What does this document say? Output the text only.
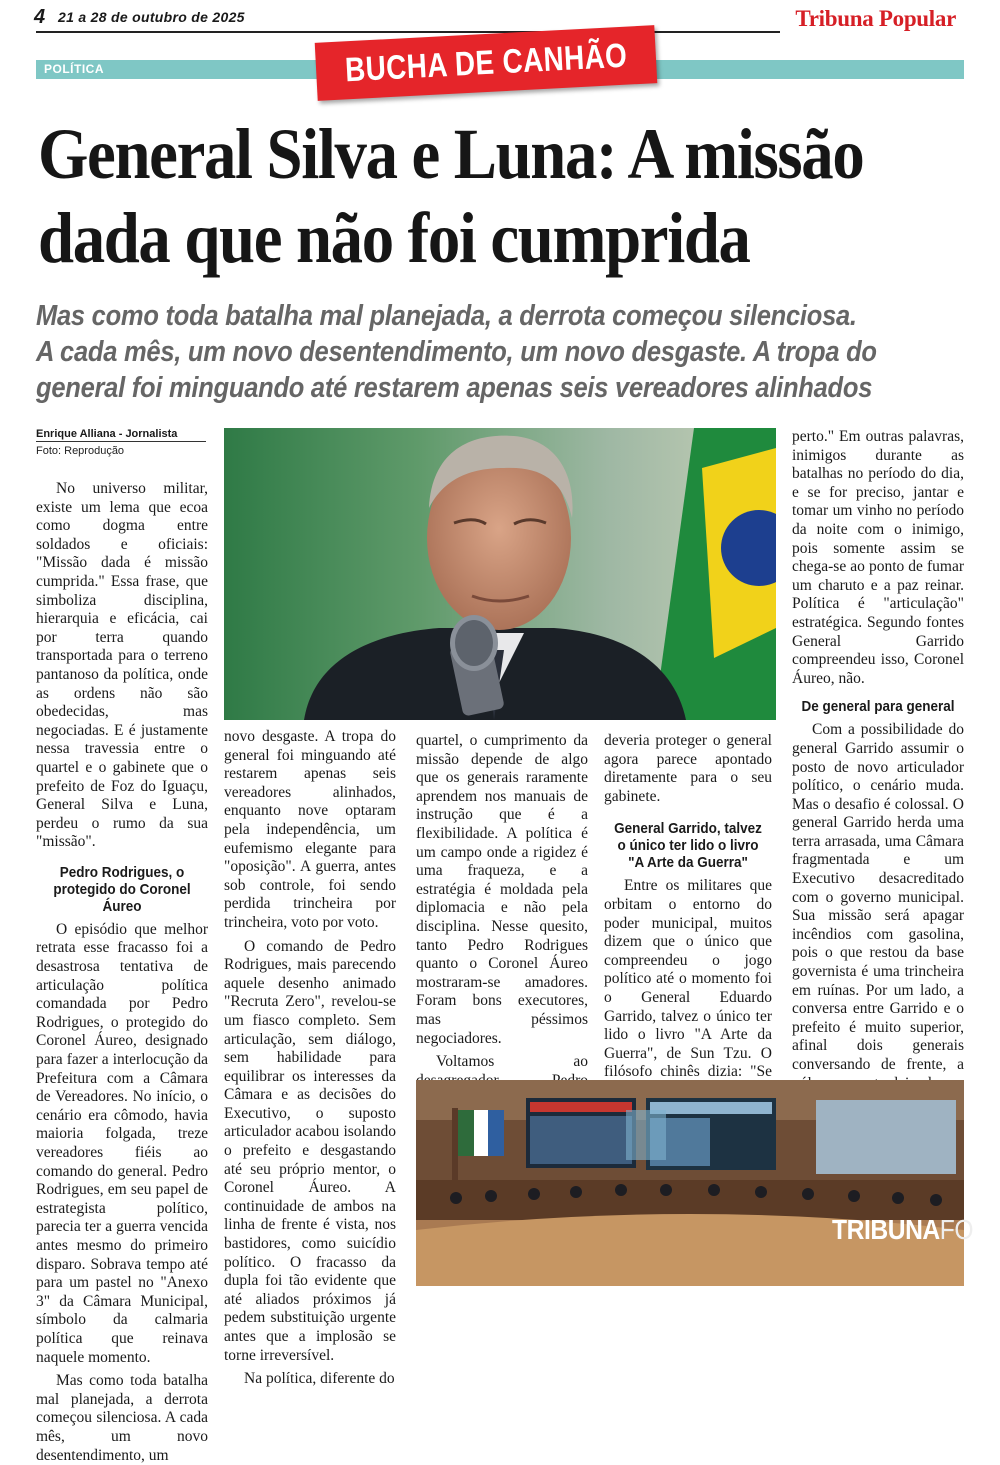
4 21 a 28 de outubro de 2025	Tribuna Popular
POLÍTICA	BUCHA DE CANHÃO
General Silva e Luna: A missão
dada que não foi cumprida
Mas como toda batalha mal planejada, a derrota começou silenciosa.
A cada mês, um novo desentendimento, um novo desgaste. A tropa do
general foi minguando até restarem apenas seis vereadores alinhados
Enrique Alliana - Jornalista
Foto: Reprodução

No universo militar, existe um lema que ecoa como dogma entre soldados e oficiais: "Missão dada é missão cumprida." Essa frase, que simboliza disciplina, hierarquia e eficácia, cai por terra quando transportada para o terreno pantanoso da política, onde as ordens não são obedecidas, mas negociadas. E é justamente nessa travessia entre o quartel e o gabinete que o prefeito de Foz do Iguaçu, General Silva e Luna, perdeu o rumo da sua "missão".

Pedro Rodrigues, o protegido do Coronel Áureo

O episódio que melhor retrata esse fracasso foi a desastrosa tentativa de articulação política comandada por Pedro Rodrigues, o protegido do Coronel Áureo, designado para fazer a interlocução da Prefeitura com a Câmara de Vereadores. No início, o cenário era cômodo, havia maioria folgada, treze vereadores fiéis ao comando do general. Pedro Rodrigues, em seu papel de estrategista político, parecia ter a guerra vencida antes mesmo do primeiro disparo. Sobrava tempo até para um pastel no "Anexo 3" da Câmara Municipal, símbolo da calmaria política que reinava naquele momento.

Mas como toda batalha mal planejada, a derrota começou silenciosa. A cada mês, um novo desentendimento, um

novo desgaste. A tropa do general foi minguando até restarem apenas seis vereadores alinhados, enquanto nove optaram pela independência, um eufemismo elegante para "oposição". A guerra, antes sob controle, foi sendo perdida trincheira por trincheira, voto por voto.

O comando de Pedro Rodrigues, mais parecendo aquele desenho animado "Recruta Zero", revelou-se um fiasco completo. Sem articulação, sem diálogo, sem habilidade para equilibrar os interesses da Câmara e as decisões do Executivo, o suposto articulador acabou isolando o prefeito e desgastando até seu próprio mentor, o Coronel Áureo. A continuidade de ambos na linha de frente é vista, nos bastidores, como suicídio político. O fracasso da dupla foi tão evidente que até aliados próximos já pedem substituição urgente antes que a implosão se torne irreversível.

Na política, diferente do

quartel, o cumprimento da missão depende de algo que os generais raramente aprendem nos manuais de instrução que é a flexibilidade. A política é um campo onde a rigidez é uma fraqueza, e a estratégia é moldada pela diplomacia e não pela disciplina. Nesse quesito, tanto Pedro Rodrigues quanto o Coronel Áureo mostraram-se amadores. Foram bons executores, mas péssimos negociadores.

Voltamos ao

deveria proteger o general agora parece apontado diretamente para o seu gabinete.

General Garrido, talvez o único ter lido o livro "A Arte da Guerra"

Entre os militares que orbitam o entorno do poder municipal, muitos dizem que o único que compreendeu o jogo político até o momento foi o General Eduardo Garrido, talvez o único ter lido o livro "A Arte da Guerra", de Sun Tzu. O filósofo chinês dizia: "Se

perto." Em outras palavras, inimigos durante as batalhas no período do dia, e se for preciso, jantar e tomar um vinho no período da noite com o inimigo, pois somente assim se chega-se ao ponto de fumar um charuto e a paz reinar. Política é "articulação" estratégica. Segundo fontes General Garrido compreendeu isso, Coronel Áureo, não.

De general para general

Com a possibilidade do general Garrido assumir o posto de novo articulador político, o cenário muda. Mas o desafio é colossal. O general Garrido herda uma terra arrasada, uma Câmara fragmentada e um Executivo desacreditado com o governo municipal. Sua missão será apagar incêndios com gasolina, pois o que restou da base governista é uma trincheira em ruínas. Por um lado, a conversa entre Garrido e o prefeito é muito superior, afinal dois generais conversando de frente, a

TRIBUNAFO
